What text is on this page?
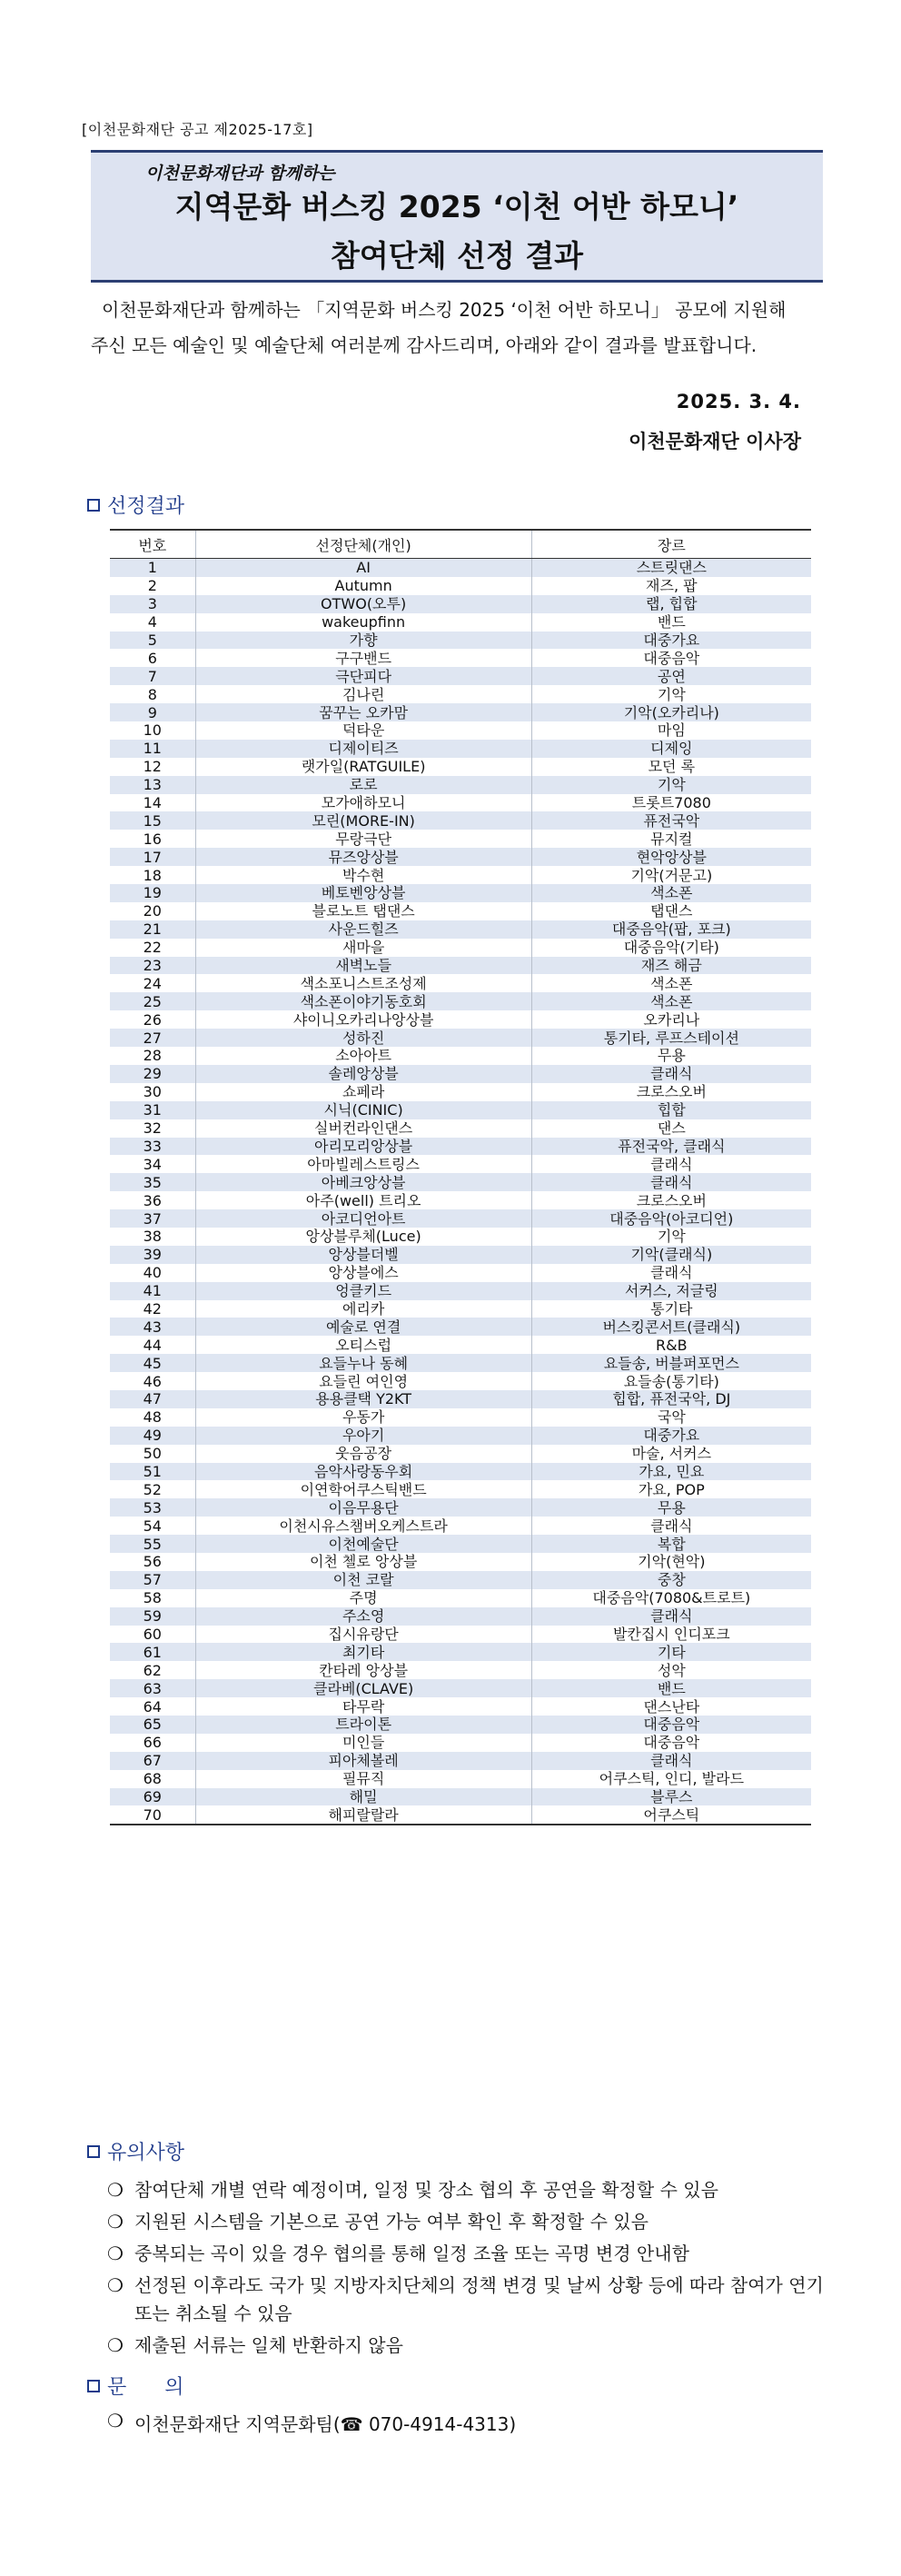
[이천문화재단 공고 제2025-17호]
이천문화재단과 함께하는
지역문화 버스킹 2025 ‘이천 어반 하모니’
참여단체 선정 결과
이천문화재단과 함께하는 「지역문화 버스킹 2025 ‘이천 어반 하모니」 공모에 지원해 주신 모든 예술인 및 예술단체 여러분께 감사드리며, 아래와 같이 결과를 발표합니다.
2025. 3. 4.
이천문화재단 이사장
선정결과
번호	선정단체(개인)	장르
1	AI	스트릿댄스
2	Autumn	재즈, 팝
3	OTWO(오투)	랩, 힙합
4	wakeupfinn	밴드
5	가향	대중가요
6	구구밴드	대중음악
7	극단피다	공연
8	김나린	기악
9	꿈꾸는 오카맘	기악(오카리나)
10	덕타운	마임
11	디제이티즈	디제잉
12	랫가일(RATGUILE)	모던 록
13	로로	기악
14	모가애하모니	트롯트7080
15	모린(MORE-IN)	퓨전국악
16	무랑극단	뮤지컬
17	뮤즈앙상블	현악앙상블
18	박수현	기악(거문고)
19	베토벤앙상블	색소폰
20	블로노트 탭댄스	탭댄스
21	사운드힐즈	대중음악(팝, 포크)
22	새마을	대중음악(기타)
23	새벽노들	재즈 해금
24	색소포니스트조성제	색소폰
25	색소폰이야기동호회	색소폰
26	샤이니오카리나앙상블	오카리나
27	성하진	통기타, 루프스테이션
28	소아아트	무용
29	솔레앙상블	클래식
30	쇼페라	크로스오버
31	시닉(CINIC)	힙합
32	실버컨라인댄스	댄스
33	아리모리앙상블	퓨전국악, 클래식
34	아마빌레스트링스	클래식
35	아베크앙상블	클래식
36	아주(well) 트리오	크로스오버
37	아코디언아트	대중음악(아코디언)
38	앙상블루체(Luce)	기악
39	앙상블더벨	기악(클래식)
40	앙상블에스	클래식
41	엉클키드	서커스, 저글링
42	에리카	통기타
43	예술로 연결	버스킹콘서트(클래식)
44	오티스럽	R&B
45	요들누나 동혜	요들송, 버블퍼포먼스
46	요들린 여인영	요들송(통기타)
47	용용클택 Y2KT	힙합, 퓨전국악, DJ
48	우동가	국악
49	우아기	대중가요
50	웃음공장	마술, 서커스
51	음악사랑동우회	가요, 민요
52	이연학어쿠스틱밴드	가요, POP
53	이음무용단	무용
54	이천시유스챔버오케스트라	클래식
55	이천예술단	복합
56	이천 첼로 앙상블	기악(현악)
57	이천 코랄	중창
58	주명	대중음악(7080&트로트)
59	주소영	클래식
60	집시유랑단	발칸집시 인디포크
61	최기타	기타
62	칸타레 앙상블	성악
63	클라베(CLAVE)	밴드
64	타무락	댄스난타
65	트라이톤	대중음악
66	미인들	대중음악
67	피아체볼레	클래식
68	필뮤직	어쿠스틱, 인디, 발라드
69	해밀	블루스
70	해피랄랄라	어쿠스틱
유의사항
❍ 참여단체 개별 연락 예정이며, 일정 및 장소 협의 후 공연을 확정할 수 있음
❍ 지원된 시스템을 기본으로 공연 가능 여부 확인 후 확정할 수 있음
❍ 중복되는 곡이 있을 경우 협의를 통해 일정 조율 또는 곡명 변경 안내함
❍ 선정된 이후라도 국가 및 지방자치단체의 정책 변경 및 날씨 상황 등에 따라 참여가 연기 또는 취소될 수 있음
❍ 제출된 서류는 일체 반환하지 않음
문      의
❍ 이천문화재단 지역문화팀(☎ 070-4914-4313)
